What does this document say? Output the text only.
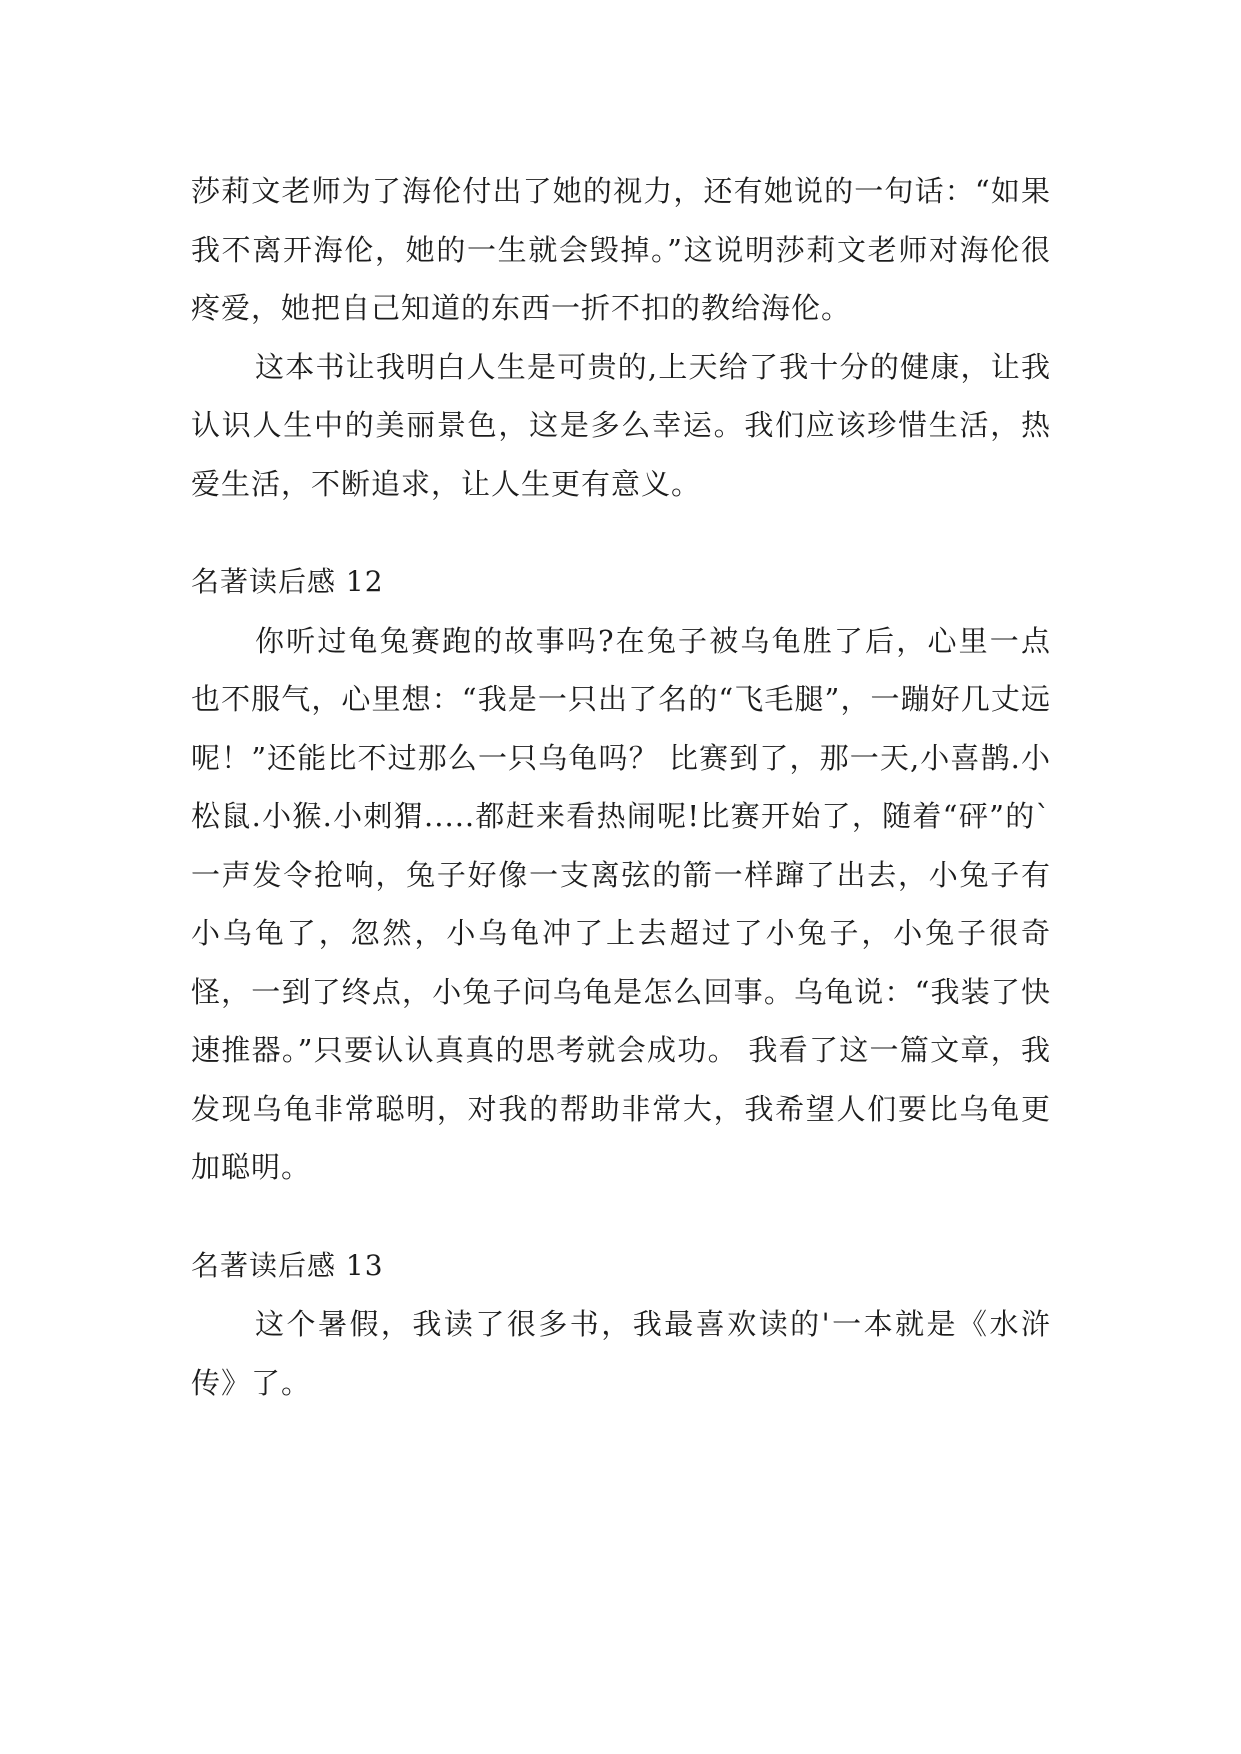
莎莉文老师为了海伦付出了她的视力，还有她说的一句话：“如果我不离开海伦，她的一生就会毁掉。”这说明莎莉文老师对海伦很疼爱，她把自己知道的东西一折不扣的教给海伦。

这本书让我明白人生是可贵的,上天给了我十分的健康，让我认识人生中的美丽景色，这是多么幸运。我们应该珍惜生活，热爱生活，不断追求，让人生更有意义。

名著读后感 12

你听过龟兔赛跑的故事吗?在兔子被乌龟胜了后，心里一点也不服气，心里想：“我是一只出了名的“飞毛腿”，一蹦好几丈远呢！”还能比不过那么一只乌龟吗？ 比赛到了，那一天,小喜鹊.小松鼠.小猴.小刺猬.....都赶来看热闹呢!比赛开始了，随着“砰”的`一声发令抢响，兔子好像一支离弦的箭一样蹿了出去，小兔子有小乌龟了，忽然，小乌龟冲了上去超过了小兔子，小兔子很奇怪，一到了终点，小兔子问乌龟是怎么回事。乌龟说：“我装了快速推器。”只要认认真真的思考就会成功。 我看了这一篇文章，我发现乌龟非常聪明，对我的帮助非常大，我希望人们要比乌龟更加聪明。

名著读后感 13

这个暑假，我读了很多书，我最喜欢读的'一本就是《水浒传》了。
